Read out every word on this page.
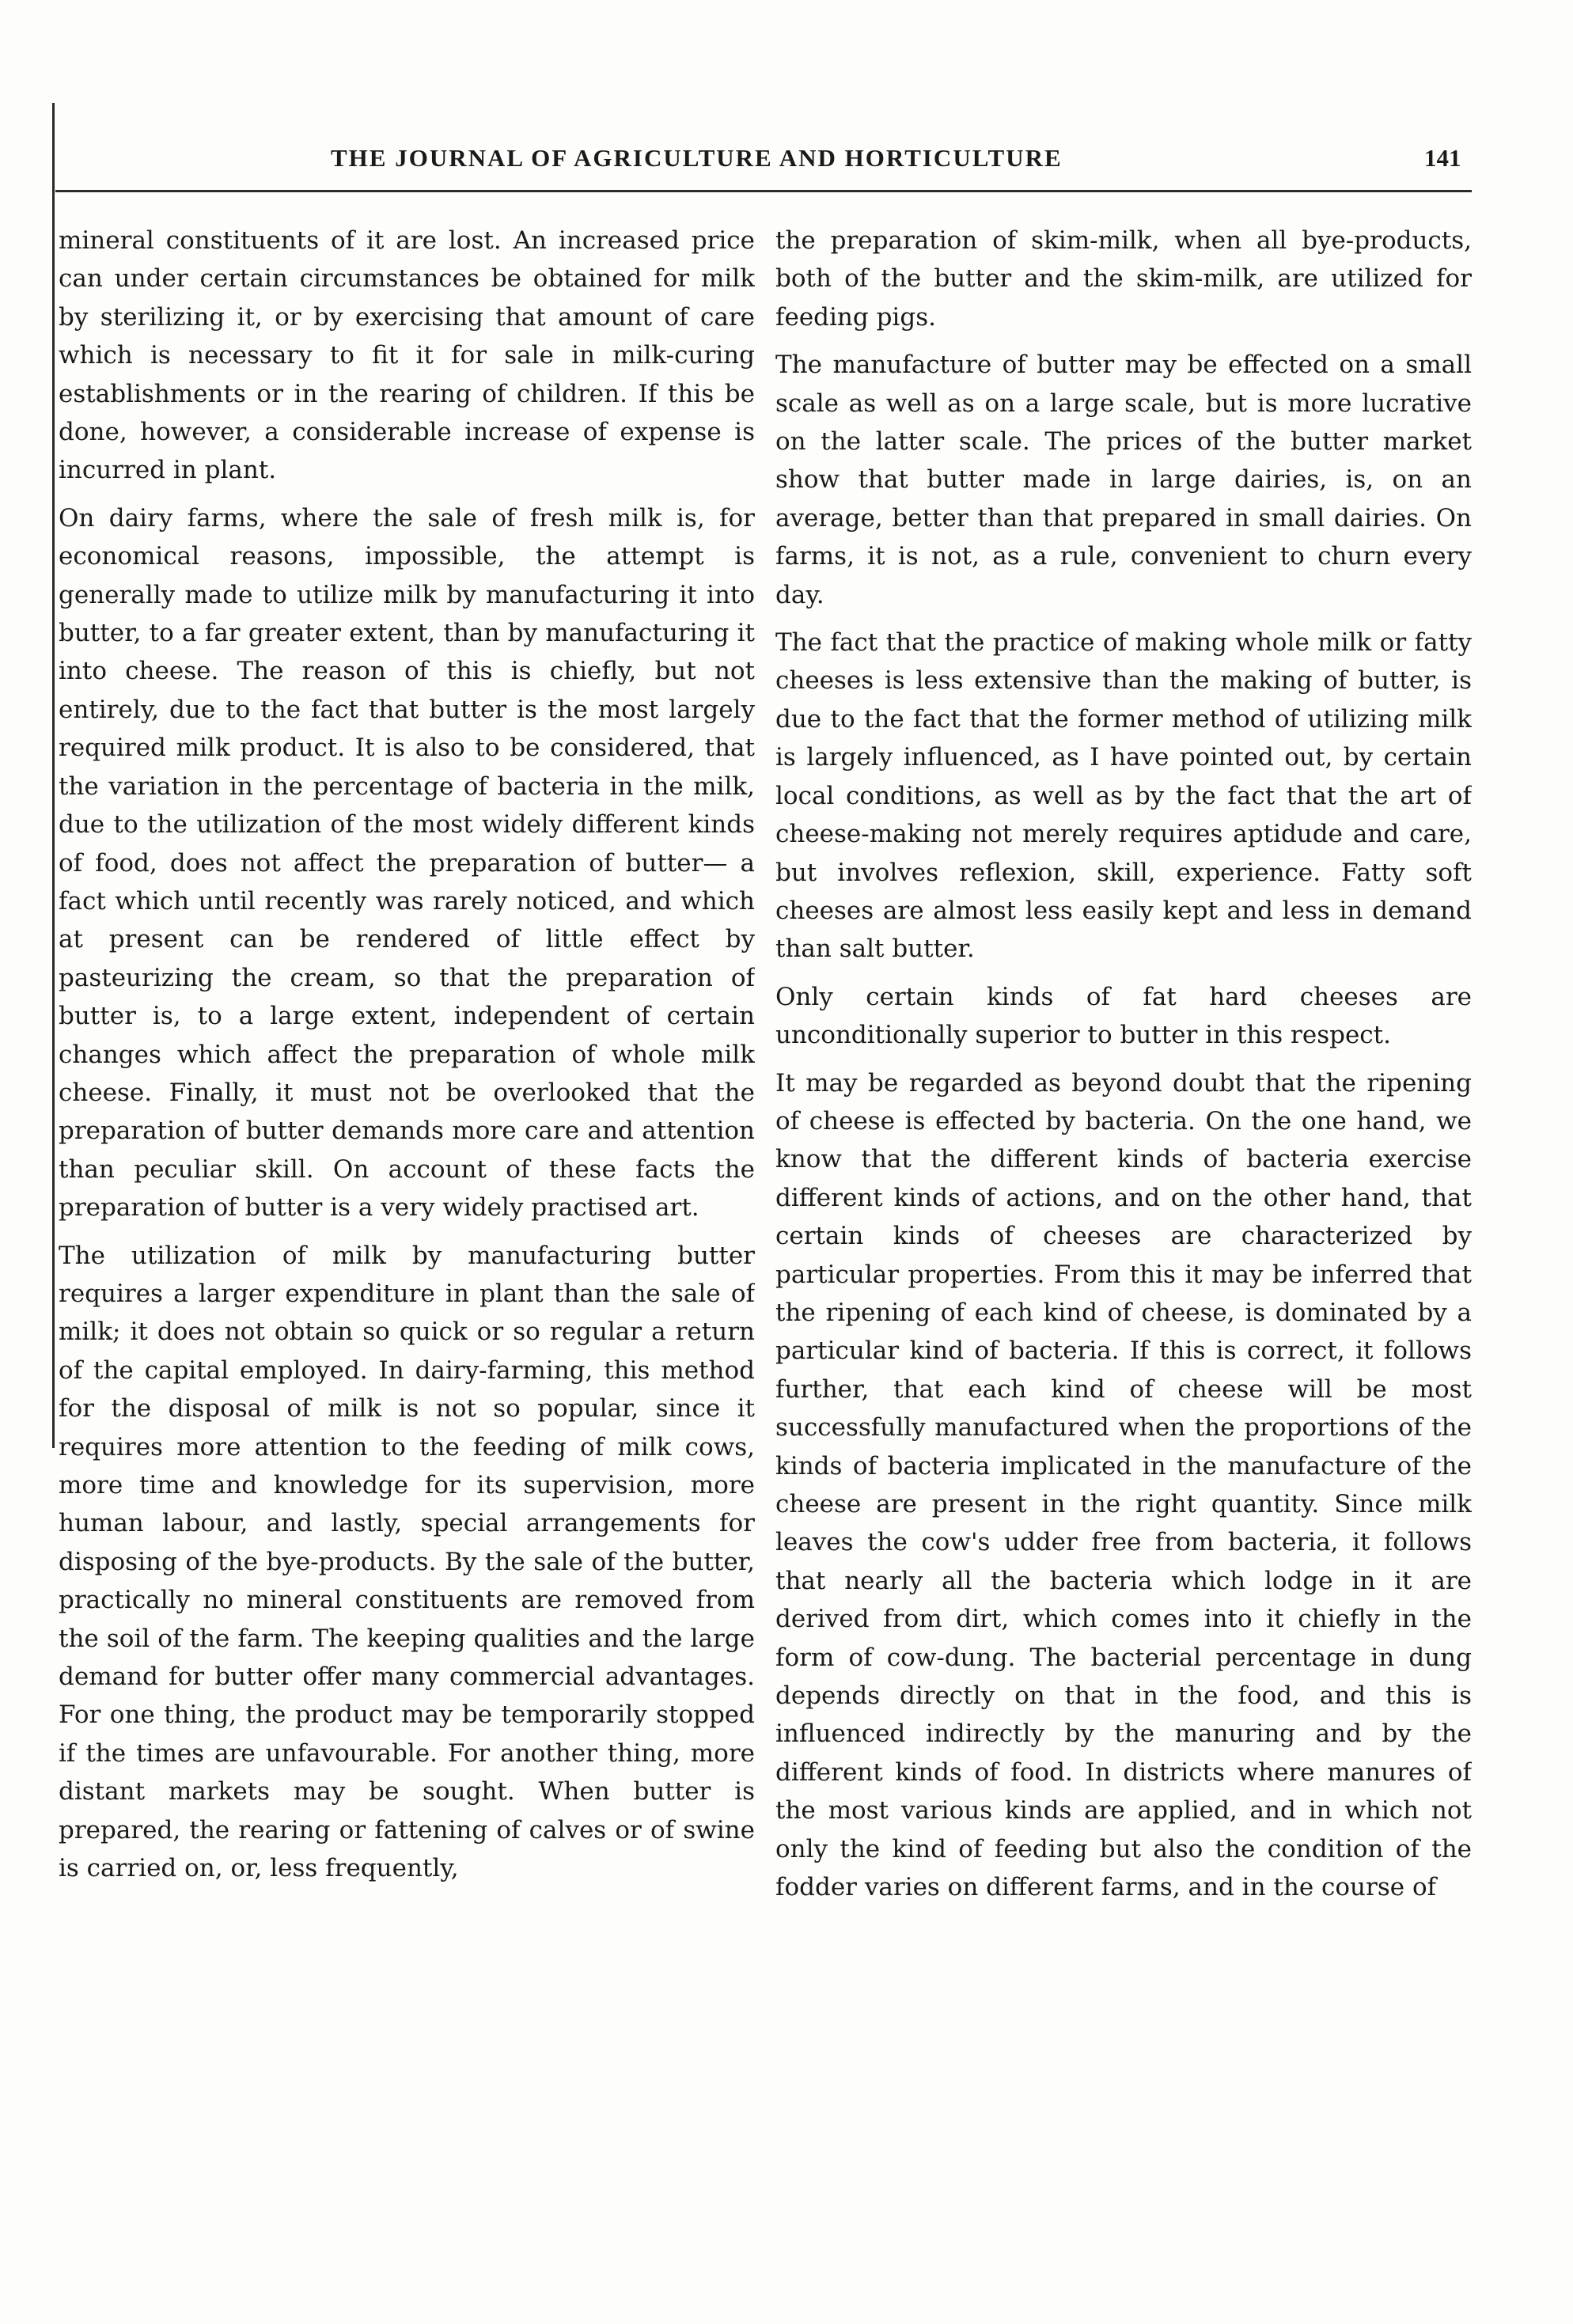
THE JOURNAL OF AGRICULTURE AND HORTICULTURE	141

mineral constituents of it are lost. An increased price can under certain circumstances be obtained for milk by sterilizing it, or by exercising that amount of care which is necessary to fit it for sale in milk-curing establishments or in the rearing of children. If this be done, however, a considerable increase of expense is incurred in plant.

On dairy farms, where the sale of fresh milk is, for economical reasons, impossible, the attempt is generally made to utilize milk by manufacturing it into butter, to a far greater extent, than by manufacturing it into cheese. The reason of this is chiefly, but not entirely, due to the fact that butter is the most largely required milk product. It is also to be considered, that the variation in the percentage of bacteria in the milk, due to the utilization of the most widely different kinds of food, does not affect the preparation of butter— a fact which until recently was rarely noticed, and which at present can be rendered of little effect by pasteurizing the cream, so that the preparation of butter is, to a large extent, independent of certain changes which affect the preparation of whole milk cheese. Finally, it must not be overlooked that the preparation of butter demands more care and attention than peculiar skill. On account of these facts the preparation of butter is a very widely practised art.

The utilization of milk by manufacturing butter requires a larger expenditure in plant than the sale of milk; it does not obtain so quick or so regular a return of the capital employed. In dairy-farming, this method for the disposal of milk is not so popular, since it requires more attention to the feeding of milk cows, more time and knowledge for its supervision, more human labour, and lastly, special arrangements for disposing of the bye-products. By the sale of the butter, practically no mineral constituents are removed from the soil of the farm. The keeping qualities and the large demand for butter offer many commercial advantages. For one thing, the product may be temporarily stopped if the times are unfavourable. For another thing, more distant markets may be sought. When butter is prepared, the rearing or fattening of calves or of swine is carried on, or, less frequently,

the preparation of skim-milk, when all bye-products, both of the butter and the skim-milk, are utilized for feeding pigs.

The manufacture of butter may be effected on a small scale as well as on a large scale, but is more lucrative on the latter scale. The prices of the butter market show that butter made in large dairies, is, on an average, better than that prepared in small dairies. On farms, it is not, as a rule, convenient to churn every day.

The fact that the practice of making whole milk or fatty cheeses is less extensive than the making of butter, is due to the fact that the former method of utilizing milk is largely influenced, as I have pointed out, by certain local conditions, as well as by the fact that the art of cheese-making not merely requires aptidude and care, but involves reflexion, skill, experience. Fatty soft cheeses are almost less easily kept and less in demand than salt butter.

Only certain kinds of fat hard cheeses are unconditionally superior to butter in this respect.

It may be regarded as beyond doubt that the ripening of cheese is effected by bacteria. On the one hand, we know that the different kinds of bacteria exercise different kinds of actions, and on the other hand, that certain kinds of cheeses are characterized by particular properties. From this it may be inferred that the ripening of each kind of cheese, is dominated by a particular kind of bacteria. If this is correct, it follows further, that each kind of cheese will be most successfully manufactured when the proportions of the kinds of bacteria implicated in the manufacture of the cheese are present in the right quantity. Since milk leaves the cow's udder free from bacteria, it follows that nearly all the bacteria which lodge in it are derived from dirt, which comes into it chiefly in the form of cow-dung. The bacterial percentage in dung depends directly on that in the food, and this is influenced indirectly by the manuring and by the different kinds of food. In districts where manures of the most various kinds are applied, and in which not only the kind of feeding but also the condition of the fodder varies on different farms, and in the course of
